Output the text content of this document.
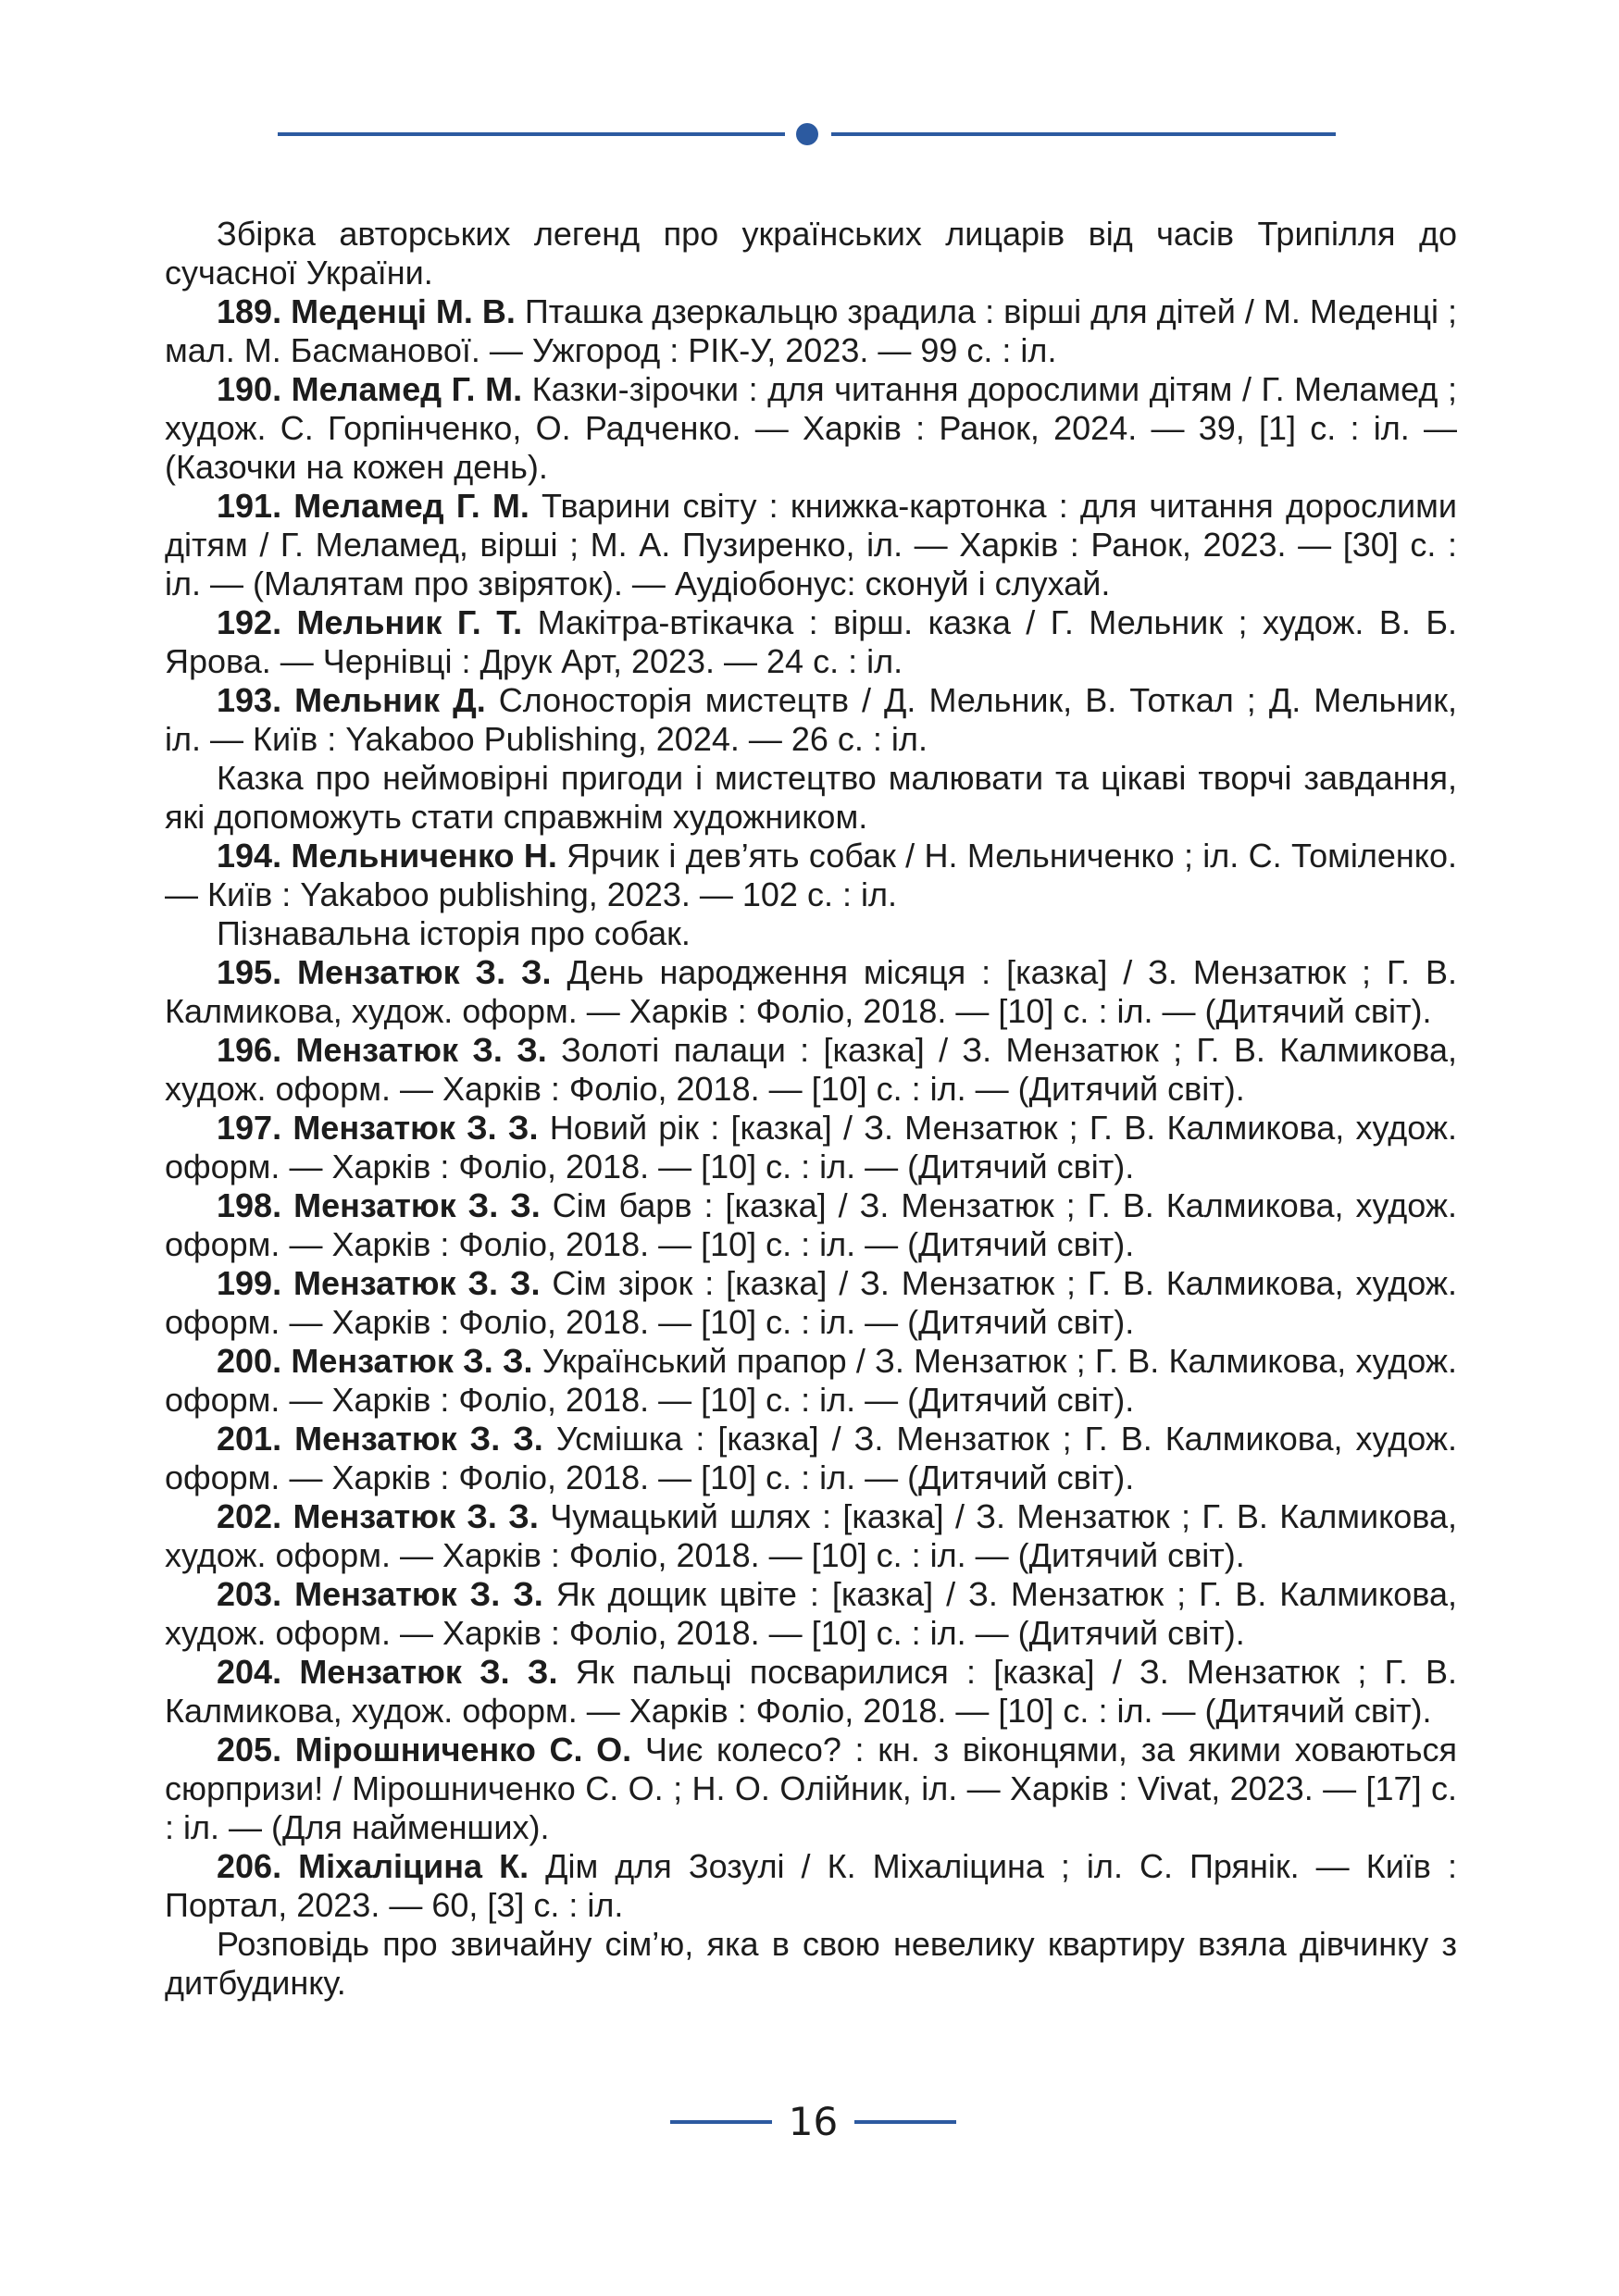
Збірка авторських легенд про українських лицарів від часів Трипілля до сучасної України.

189. Меденці М. В. Пташка дзеркальцю зрадила : вірші для дітей / М. Меденці ; мал. М. Басманової. — Ужгород : РІК-У, 2023. — 99 с. : іл.

190. Меламед Г. М. Казки-зірочки : для читання дорослими дітям / Г. Меламед ; худож. С. Горпінченко, О. Радченко. — Харків : Ранок, 2024. — 39, [1] с. : іл. — (Казочки на кожен день).

191. Меламед Г. М. Тварини світу : книжка-картонка : для читання дорослими дітям / Г. Меламед, вірші ; М. А. Пузиренко, іл. — Харків : Ранок, 2023. — [30] с. : іл. — (Малятам про звіряток). — Аудіобонус: сконуй і слухай.

192. Мельник Г. Т. Макітра-втікачка : вірш. казка / Г. Мельник ; худож. В. Б. Ярова. — Чернівці : Друк Арт, 2023. — 24 с. : іл.

193. Мельник Д. Слоносторія мистецтв / Д. Мельник, В. Тоткал ; Д. Мельник, іл. — Київ : Yakaboo Publishing, 2024. — 26 с. : іл.

Казка про неймовірні пригоди і мистецтво малювати та цікаві творчі завдання, які допоможуть стати справжнім художником.

194. Мельниченко Н. Ярчик і дев’ять собак / Н. Мельниченко ; іл. С. Томіленко. — Київ : Yakaboo publishing, 2023. — 102 с. : іл.

Пізнавальна історія про собак.

195. Мензатюк З. З. День народження місяця : [казка] / З. Мензатюк ; Г. В. Калмикова, худож. оформ. — Харків : Фоліо, 2018. — [10] с. : іл. — (Дитячий світ).

196. Мензатюк З. З. Золоті палаци : [казка] / З. Мензатюк ; Г. В. Калмикова, худож. оформ. — Харків : Фоліо, 2018. — [10] с. : іл. — (Дитячий світ).

197. Мензатюк З. З. Новий рік : [казка] / З. Мензатюк ; Г. В. Калмикова, худож. оформ. — Харків : Фоліо, 2018. — [10] с. : іл. — (Дитячий світ).

198. Мензатюк З. З. Сім барв : [казка] / З. Мензатюк ; Г. В. Калмикова, худож. оформ. — Харків : Фоліо, 2018. — [10] с. : іл. — (Дитячий світ).

199. Мензатюк З. З. Сім зірок : [казка] / З. Мензатюк ; Г. В. Калмикова, худож. оформ. — Харків : Фоліо, 2018. — [10] с. : іл. — (Дитячий світ).

200. Мензатюк З. З. Український прапор / З. Мензатюк ; Г. В. Калмикова, худож. оформ. — Харків : Фоліо, 2018. — [10] с. : іл. — (Дитячий світ).

201. Мензатюк З. З. Усмішка : [казка] / З. Мензатюк ; Г. В. Калмикова, худож. оформ. — Харків : Фоліо, 2018. — [10] с. : іл. — (Дитячий світ).

202. Мензатюк З. З. Чумацький шлях : [казка] / З. Мензатюк ; Г. В. Калмикова, худож. оформ. — Харків : Фоліо, 2018. — [10] с. : іл. — (Дитячий світ).

203. Мензатюк З. З. Як дощик цвіте : [казка] / З. Мензатюк ; Г. В. Калмикова, худож. оформ. — Харків : Фоліо, 2018. — [10] с. : іл. — (Дитячий світ).

204. Мензатюк З. З. Як пальці посварилися : [казка] / З. Мензатюк ; Г. В. Калмикова, худож. оформ. — Харків : Фоліо, 2018. — [10] с. : іл. — (Дитячий світ).

205. Мірошниченко С. О. Чиє колесо? : кн. з віконцями, за якими ховаються сюрпризи! / Мірошниченко С. О. ; Н. О. Олійник, іл. — Харків : Vivat, 2023. — [17] с. : іл. — (Для найменших).

206. Міхаліцина К. Дім для Зозулі / К. Міхаліцина ; іл. С. Прянік. — Київ : Портал, 2023. — 60, [3] с. : іл.

Розповідь про звичайну сім’ю, яка в свою невелику квартиру взяла дівчинку з дитбудинку.

16
